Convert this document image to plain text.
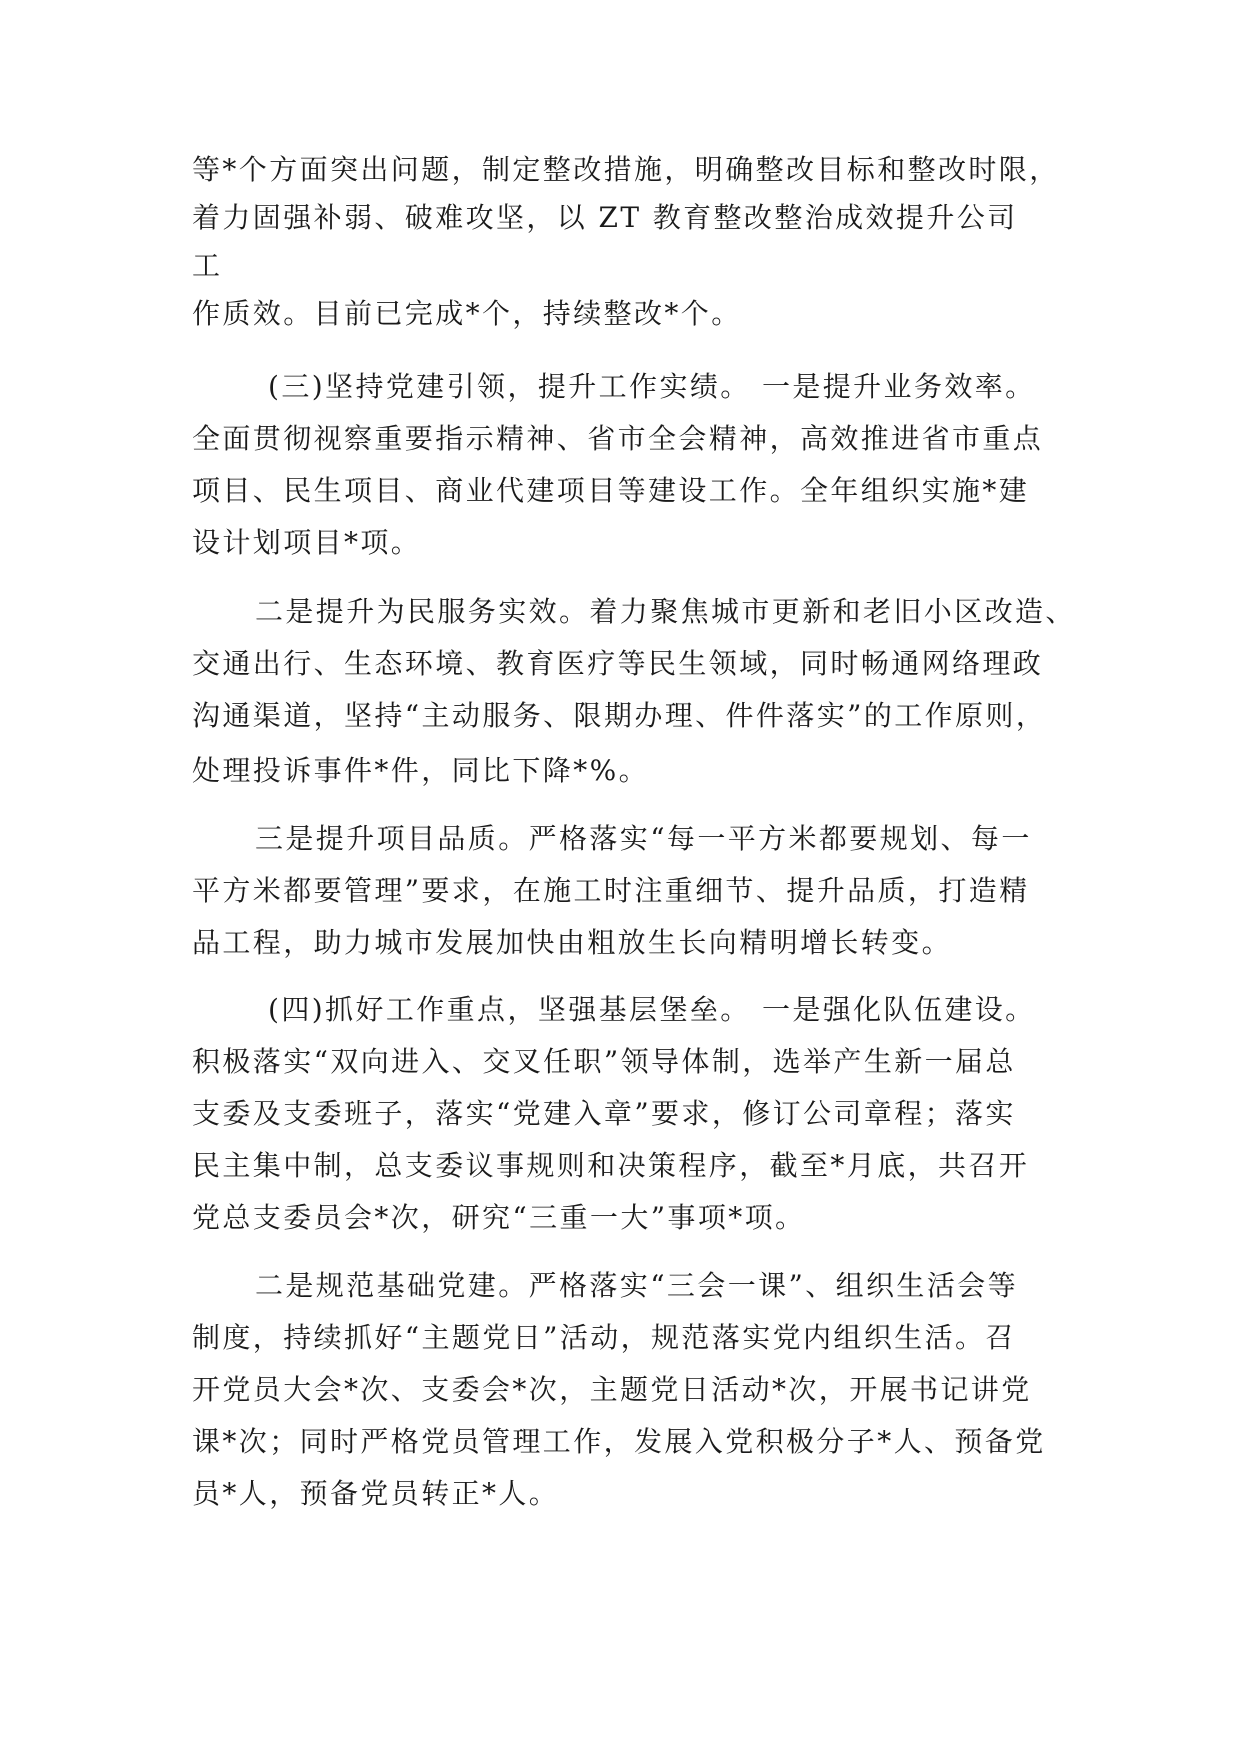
等*个方面突出问题，制定整改措施，明确整改目标和整改时限，
着力固强补弱、破难攻坚，以 ZT 教育整改整治成效提升公司
工
作质效。目前已完成*个，持续整改*个。
(三)坚持党建引领，提升工作实绩。 一是提升业务效率。
全面贯彻视察重要指示精神、省市全会精神，高效推进省市重点
项目、民生项目、商业代建项目等建设工作。全年组织实施*建
设计划项目*项。
二是提升为民服务实效。着力聚焦城市更新和老旧小区改造、
交通出行、生态环境、教育医疗等民生领域，同时畅通网络理政
沟通渠道，坚持“主动服务、限期办理、件件落实”的工作原则，
处理投诉事件*件，同比下降*%。
三是提升项目品质。严格落实“每一平方米都要规划、每一
平方米都要管理”要求，在施工时注重细节、提升品质，打造精
品工程，助力城市发展加快由粗放生长向精明增长转变。
(四)抓好工作重点，坚强基层堡垒。 一是强化队伍建设。
积极落实“双向进入、交叉任职”领导体制，选举产生新一届总
支委及支委班子，落实“党建入章”要求，修订公司章程；落实
民主集中制，总支委议事规则和决策程序，截至*月底，共召开
党总支委员会*次，研究“三重一大”事项*项。
二是规范基础党建。严格落实“三会一课”、组织生活会等
制度，持续抓好“主题党日”活动，规范落实党内组织生活。召
开党员大会*次、支委会*次，主题党日活动*次，开展书记讲党
课*次；同时严格党员管理工作，发展入党积极分子*人、预备党
员*人，预备党员转正*人。
